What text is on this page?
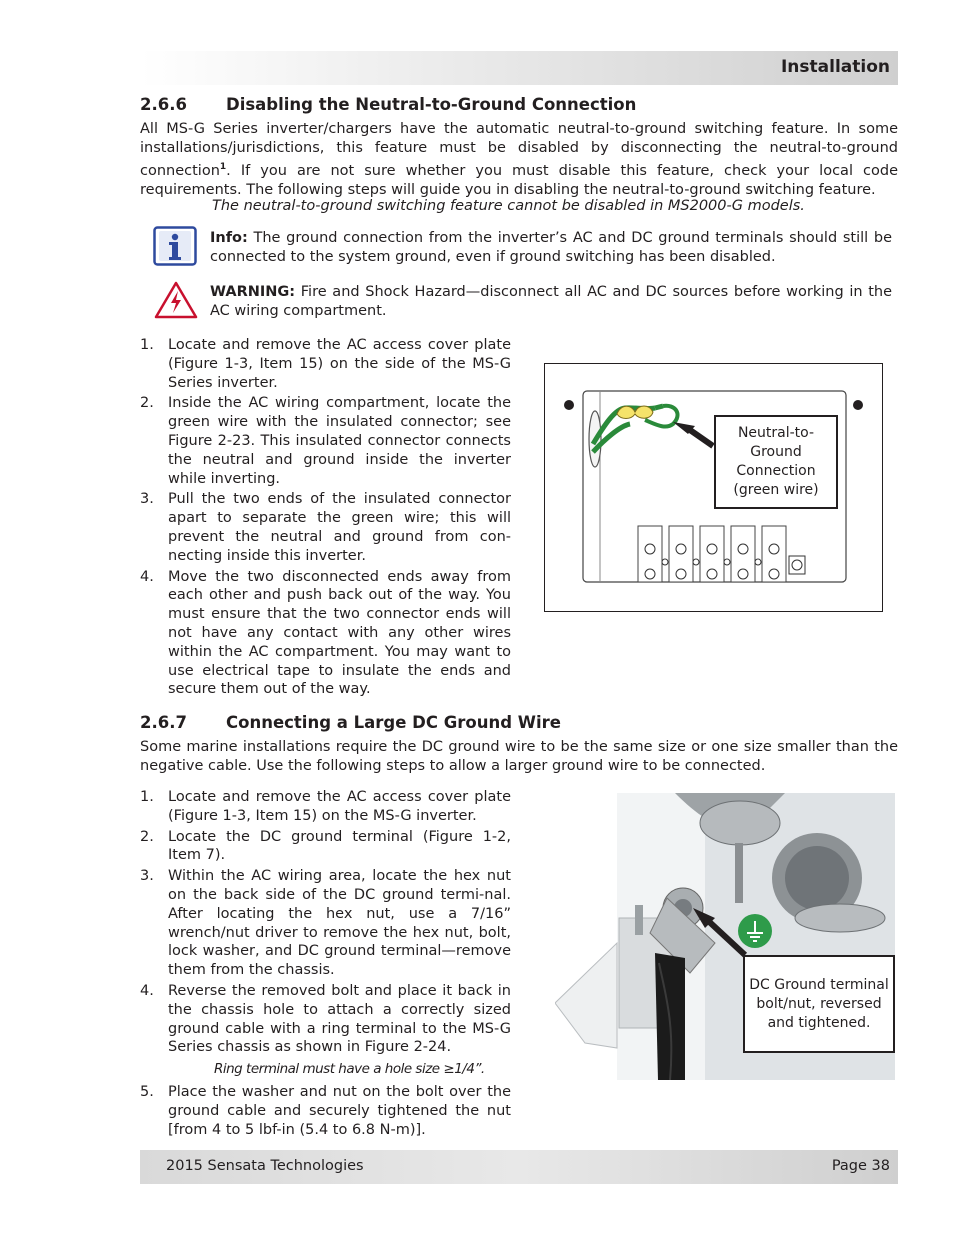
Installation
2.6.6 Disabling the Neutral-to-Ground Connection

All MS-G Series inverter/chargers have the automatic neutral-to-ground switching feature. In some installations/jurisdictions, this feature must be disabled by disconnecting the neutral-to-ground connection$^1$. If you are not sure whether you must disable this feature, check your local code requirements. The following steps will guide you in disabling the neutral-to-ground switching feature.

The neutral-to-ground switching feature cannot be disabled in MS2000-G models.

Info: The ground connection from the inverter’s AC and DC ground terminals should still be connected to the system ground, even if ground switching has been disabled.

WARNING: Fire and Shock Hazard—disconnect all AC and DC sources before working in the AC wiring compartment.

1. Locate and remove the AC access cover plate (Figure 1-3, Item 15) on the side of the MS-G Series inverter.
2. Inside the AC wiring compartment, locate the green wire with the insulated connector; see Figure 2-23. This insulated connector connects the neutral and ground inside the inverter while inverting.
3. Pull the two ends of the insulated connector apart to separate the green wire; this will prevent the neutral and ground from con-necting inside this inverter.
4. Move the two disconnected ends away from each other and push back out of the way. You must ensure that the two connector ends will not have any contact with any other wires within the AC compartment. You may want to use electrical tape to insulate the ends and secure them out of the way.
Neutral-to-Ground Connection (green wire)
2.6.7 Connecting a Large DC Ground Wire

Some marine installations require the DC ground wire to be the same size or one size smaller than the negative cable. Use the following steps to allow a larger ground wire to be connected.

1. Locate and remove the AC access cover plate (Figure 1-3, Item 15) on the MS-G inverter.
2. Locate the DC ground terminal (Figure 1-2, Item 7).
3. Within the AC wiring area, locate the hex nut on the back side of the DC ground termi-nal. After locating the hex nut, use a 7/16” wrench/nut driver to remove the hex nut, bolt, lock washer, and DC ground terminal—remove them from the chassis.
4. Reverse the removed bolt and place it back in the chassis hole to attach a correctly sized ground cable with a ring terminal to the MS-G Series chassis as shown in Figure 2-24.
5. Place the washer and nut on the bolt over the ground cable and securely tightened the nut [from 4 to 5 lbf-in (5.4 to 6.8 N-m)].
Ring terminal must have a hole size ≥1/4”.
DC Ground terminal bolt/nut, reversed and tightened.
2015 Sensata Technologies	Page 38
